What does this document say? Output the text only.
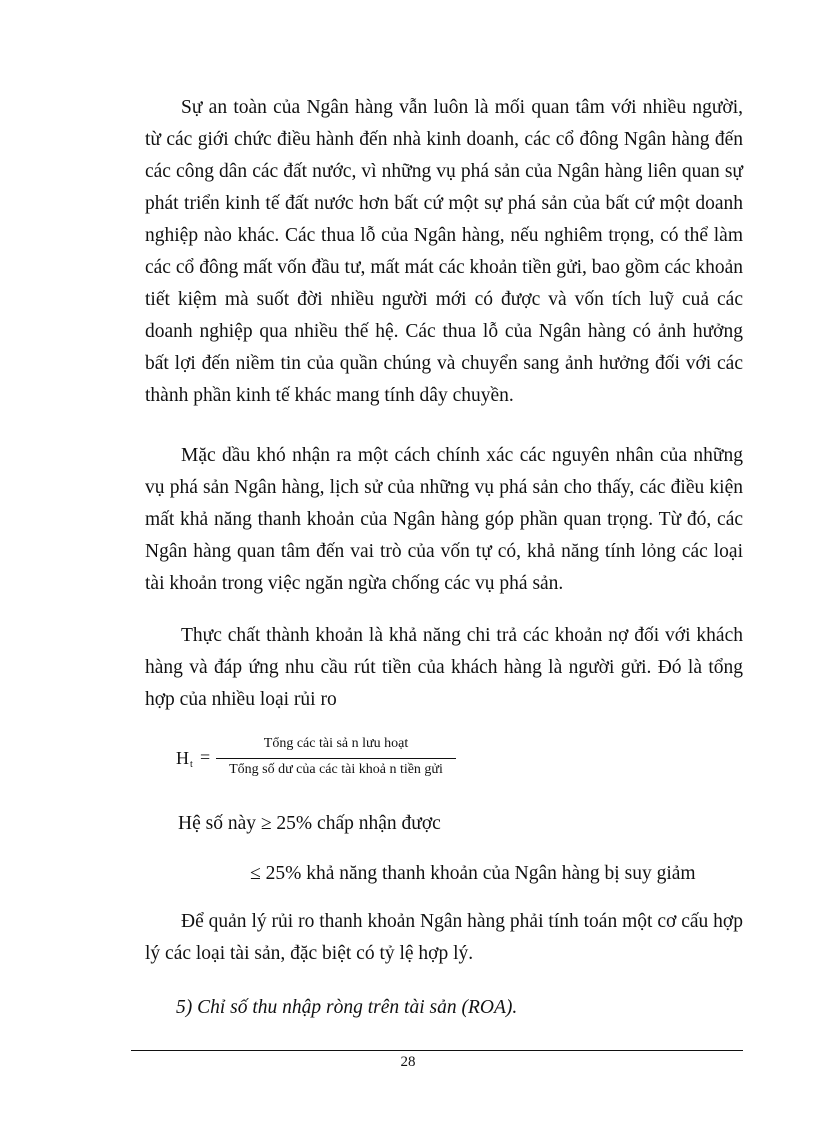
Sự an toàn của Ngân hàng vẫn luôn là mối quan tâm với nhiều người, từ các giới chức điều hành đến nhà kinh doanh, các cổ đông Ngân hàng đến các công dân các đất nước, vì những vụ phá sản của Ngân hàng liên quan sự phát triển kinh tế đất nước hơn bất cứ một sự phá sản của bất cứ một doanh nghiệp nào khác. Các thua lỗ của Ngân hàng, nếu nghiêm trọng, có thể làm các cổ đông mất vốn đầu tư, mất mát các khoản tiền gửi, bao gồm các khoản tiết kiệm mà suốt đời nhiều người mới có được và vốn tích luỹ cuả các doanh nghiệp qua nhiều thế hệ. Các thua lỗ của Ngân hàng có ảnh hưởng bất lợi đến niềm tin của quần chúng và chuyển sang ảnh hưởng đối với các thành phần kinh tế khác mang tính dây chuyền.

Mặc dầu khó nhận ra một cách chính xác các nguyên nhân của những vụ phá sản Ngân hàng, lịch sử của những vụ phá sản cho thấy, các điều kiện mất khả năng thanh khoản của Ngân hàng góp phần quan trọng. Từ đó, các Ngân hàng quan tâm đến vai trò của vốn tự có, khả năng tính lỏng các loại tài khoản trong việc ngăn ngừa chống các vụ phá sản.

Thực chất thành khoản là khả năng chi trả các khoản nợ đối với khách hàng và đáp ứng nhu cầu rút tiền của khách hàng là người gửi. Đó là tổng hợp của nhiều loại rủi ro

$H_t$ =
Tổng các tài sả n lưu hoạt
Tổng số dư của các tài khoả n tiền gửi

Hệ số này ≥ 25% chấp nhận được

≤ 25% khả năng thanh khoản của Ngân hàng bị suy giảm

Để quản lý rủi ro thanh khoản Ngân hàng phải tính toán một cơ cấu hợp lý các loại tài sản, đặc biệt có tỷ lệ hợp lý.

5) Chỉ số thu nhập ròng trên tài sản (ROA).

28
